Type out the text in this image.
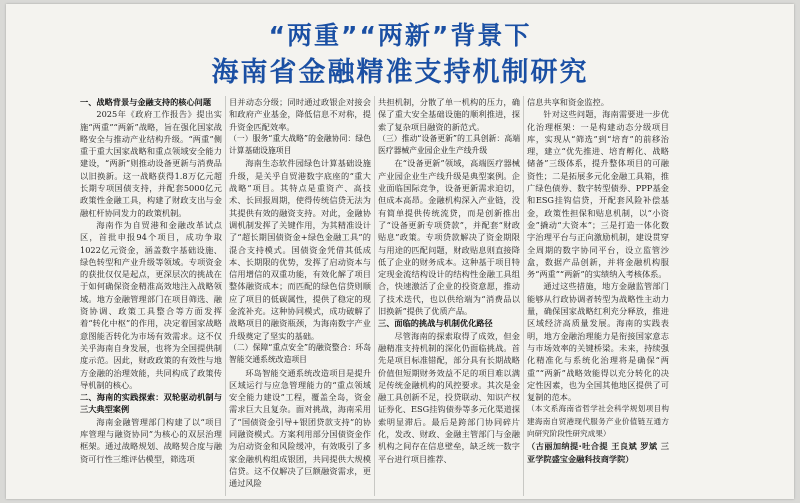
“两重”“两新”背景下
海南省金融精准支持机制研究

一、战略背景与金融支持的核心问题

2025年《政府工作报告》提出实施“两重”“两新”战略，旨在强化国家战略安全与推动产业结构升级。“两重”侧重于重大国家战略和重点领域安全能力建设，“两新”则推动设备更新与消费品以旧换新。这一战略获得1.8万亿元超长期专项国债支持，并配套5000亿元政策性金融工具，构建了财政支出与金融杠杆协同发力的政策机制。

海南作为自贸港和金融改革试点区，首批申报94个项目，成功争取1022亿元资金，涵盖数字基础设施、绿色转型和产业升级等领域。专项资金的获批仅仅是起点，更深层次的挑战在于如何确保资金精准高效地注入战略领域。地方金融管理部门在项目筛选、融资协调、政策工具整合等方面发挥着“转化中枢”的作用，决定着国家战略意图能否转化为市场有效需求。这不仅关乎海南自身发展，也将为全国提供制度示范。因此，财政政策的有效性与地方金融的治理效能，共同构成了政策传导机制的核心。

二、海南的实践探索：双轮驱动机制与三大典型案例

海南金融管理部门构建了以“项目库管理与融资协同”为核心的双层治理框架。通过战略规划、战略契合度与融资可行性三维评估模型，筛选项

目并动态分级；同时通过政银企对接会和政府产业基金，降低信息不对称，提升资金匹配效率。

（一）服务“重大战略”的金融协同：绿色计算基础设施项目

海南生态软件园绿色计算基础设施升级，是关乎自贸港数字底座的“重大战略”项目。其特点是重资产、高技术、长回报周期，使得传统信贷无法为其提供有效的融资支持。对此，金融协调机制发挥了关键作用，为其精准设计了“超长期国债资金+绿色金融工具”的混合支持模式。国债资金凭借其低成本、长期限的优势，发挥了启动资本与信用增信的双重功能，有效化解了项目整体融资成本；而匹配的绿色信贷则顺应了项目的低碳属性，提供了稳定的现金流补充。这种协同模式，成功破解了战略项目的融资瓶颈，为海南数字产业升级奠定了坚实的基础。

（二）保障“重点安全”的融资整合：环岛智能交通系统改造项目

环岛智能交通系统改造项目是提升区域运行与应急管理能力的“重点领域安全能力建设”工程，覆盖全岛，资金需求巨大且复杂。面对挑战，海南采用了“国债资金引导+银团贷款支持”的协同融资模式。方案利用部分国债资金作为启动资金和风险缓冲，有效吸引了多家金融机构组成银团，共同提供大规模信贷。这不仅解决了巨额融资需求，更通过风险

共担机制，分散了单一机构的压力，确保了重大安全基础设施的顺利推进，探索了复杂项目融资的新范式。

（三）推动“设备更新”的工具创新：高端医疗器械产业园企业生产线升级

在“设备更新”领域，高端医疗器械产业园企业生产线升级是典型案例。企业面临国际竞争，设备更新需求迫切，但成本高昂。金融机构深入产业链，没有简单提供传统流贷，而是创新推出了“设备更新专项贷款”，并配套“财政贴息”政策。专项贷款解决了资金期限与用途的匹配问题，财政贴息则直接降低了企业的财务成本。这种基于项目特定现金流结构设计的结构性金融工具组合，快速激活了企业的投资意愿，推动了技术迭代，也以供给端为“消费品以旧换新”提供了优质产品。

三、面临的挑战与机制优化路径

尽管海南的探索取得了成效，但金融精准支持机制的深化仍面临挑战。首先是项目标准错配，部分具有长期战略价值但短期财务效益不足的项目难以满足传统金融机构的风控要求。其次是金融工具创新不足，投贷联动、知识产权证券化、ESG挂钩债券等多元化渠道探索明显滞后。最后是跨部门协同碎片化，发改、财政、金融主管部门与金融机构之间存在信息壁垒，缺乏统一数字平台进行项目推荐、

信息共享和资金监控。

针对这些问题，海南需要进一步优化治理框架：一是构建动态分级项目库，实现从“筛选”到“培育”的前移治理，建立“优先推进、培育孵化、战略储备”三级体系，提升整体项目的可融资性；二是拓展多元化金融工具箱，推广绿色债券、数字转型债券、PPP基金和ESG挂钩信贷，开配套风险补偿基金，政策性担保和贴息机制，以“小资金”撬动“大资本”；三是打造一体化数字治理平台与正向激励机制，建设贯穿全周期的数字协同平台，设立监管沙盒，数据产品创新，并将金融机构服务“两重”“两新”的实绩纳入考核体系。

通过这些措施，地方金融监管部门能够从行政协调者转型为战略性主动力量，确保国家战略红利充分释放，推进区域经济高质量发展。海南的实践表明，地方金融治理能力是衔接国家意志与市场效率的关键桥梁。未来，持续强化精准化与系统化治理将是确保“两重”“两新”战略效能得以充分转化的决定性因素，也为全国其他地区提供了可复制的范本。

（本文系海南省哲学社会科学规划项目构建海南自贸港现代服务产业价值链互通方向研究阶段性研究成果）

（古丽加纳提·吐合提 王良斌 罗斌 三亚学院盛宝金融科技商学院）
